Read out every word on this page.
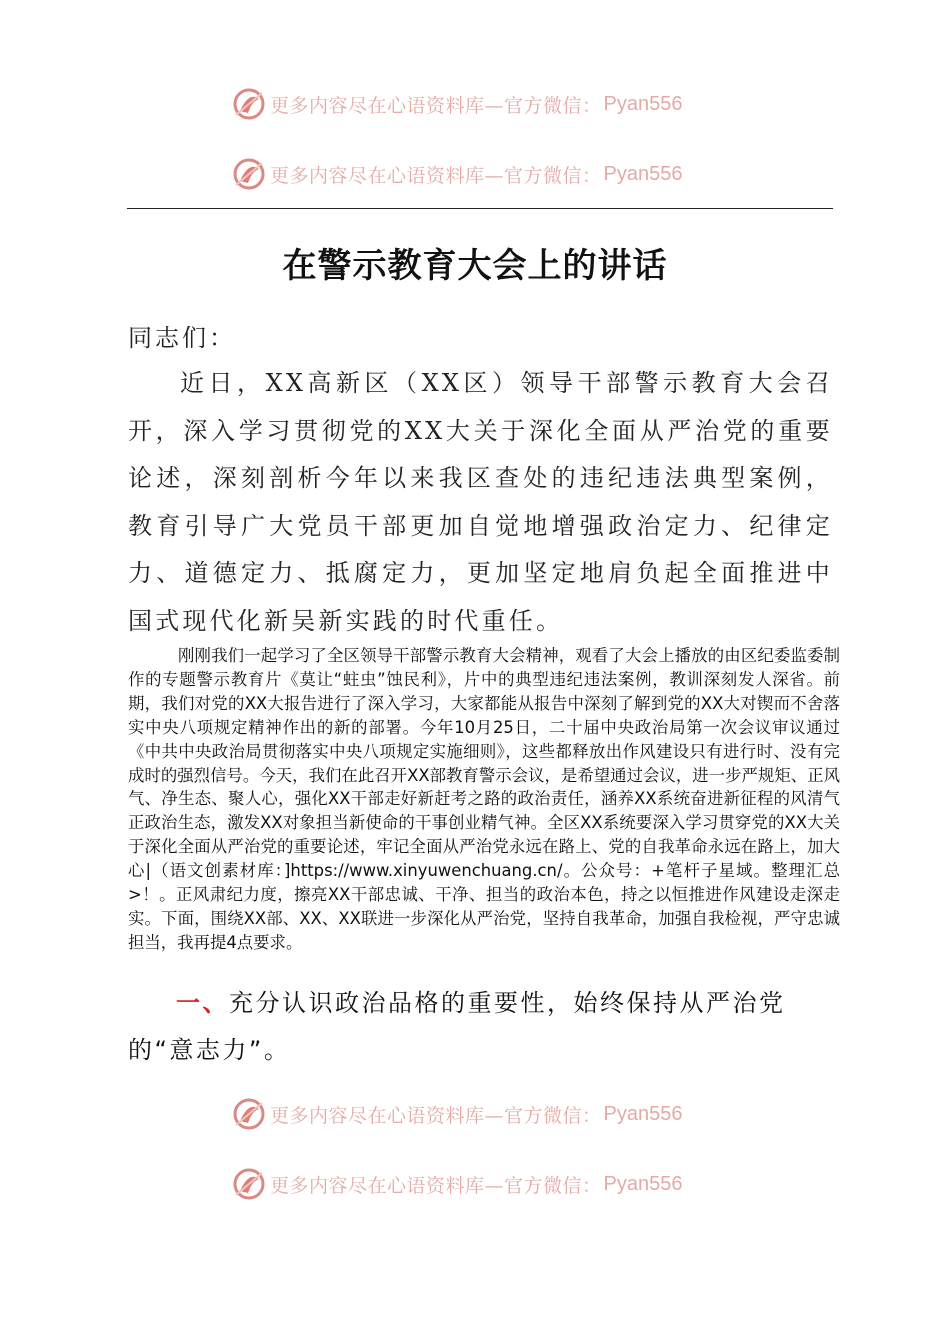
更多内容尽在心语资料库—官方微信： Pyan556
更多内容尽在心语资料库—官方微信： Pyan556
在警示教育大会上的讲话
同志们：

近日，XX高新区（XX区）领导干部警示教育大会召开，深入学习贯彻党的XX大关于深化全面从严治党的重要论述，深刻剖析今年以来我区查处的违纪违法典型案例，教育引导广大党员干部更加自觉地增强政治定力、纪律定力、道德定力、抵腐定力，更加坚定地肩负起全面推进中国式现代化新吴新实践的时代重任。

刚刚我们一起学习了全区领导干部警示教育大会精神，观看了大会上播放的由区纪委监委制作的专题警示教育片《莫让“蛀虫”蚀民利》，片中的典型违纪违法案例，教训深刻发人深省。前期，我们对党的XX大报告进行了深入学习，大家都能从报告中深刻了解到党的XX大对锲而不舍落实中央八项规定精神作出的新的部署。今年10月25日，二十届中央政治局第一次会议审议通过《中共中央政治局贯彻落实中央八项规定实施细则》，这些都释放出作风建设只有进行时、没有完成时的强烈信号。今天，我们在此召开XX部教育警示会议，是希望通过会议，进一步严规矩、正风气、净生态、聚人心，强化XX干部走好新赶考之路的政治责任，涵养XX系统奋进新征程的风清气正政治生态，激发XX对象担当新使命的干事创业精气神。全区XX系统要深入学习贯穿党的XX大关于深化全面从严治党的重要论述，牢记全面从严治党永远在路上、党的自我革命永远在路上，加大心|（语文创素材库：]https://www.xinyuwenchuang.cn/。公众号：+笔杆子星域。整理汇总>！。正风肃纪力度，擦亮XX干部忠诚、干净、担当的政治本色，持之以恒推进作风建设走深走实。下面，围绕XX部、XX、XX联进一步深化从严治党，坚持自我革命，加强自我检视，严守忠诚担当，我再提4点要求。

一、充分认识政治品格的重要性，始终保持从严治党的“意志力”。

更多内容尽在心语资料库—官方微信： Pyan556
更多内容尽在心语资料库—官方微信： Pyan556
